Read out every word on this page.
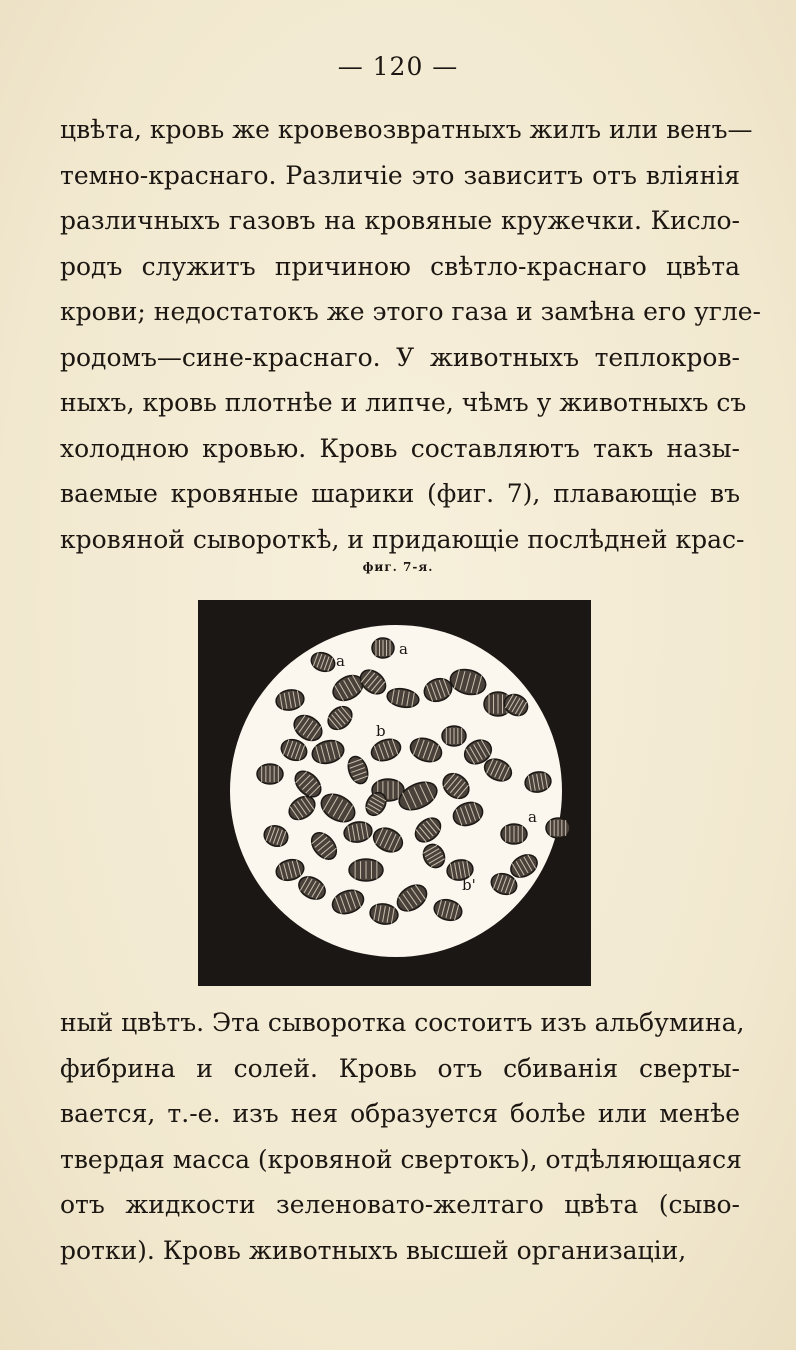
— 120 —
цвѣта, кровь же кровевозвратныхъ жилъ или венъ—
темно-краснаго. Различіе это зависитъ отъ вліянія
различныхъ газовъ на кровяные кружечки. Кисло-
родъ служитъ причиною свѣтло-краснаго цвѣта
крови; недостатокъ же этого газа и замѣна его угле-
родомъ—сине-краснаго. У животныхъ теплокров-
ныхъ, кровь плотнѣе и липче, чѣмъ у животныхъ съ
холодною кровью. Кровь составляютъ такъ назы-
ваемые кровяные шарики (фиг. 7), плавающіе въ
кровяной сывороткѣ, и придающіе послѣдней крас-
фиг. 7-я.
a
a
b
a
b'
ный цвѣтъ. Эта сыворотка состоитъ изъ альбумина,
фибрина и солей. Кровь отъ сбиванія сверты-
вается, т.-е. изъ нея образуется болѣе или менѣе
твердая масса (кровяной свертокъ), отдѣляющаяся
отъ жидкости зеленовато-желтаго цвѣта (сыво-
ротки). Кровь животныхъ высшей организаціи,
